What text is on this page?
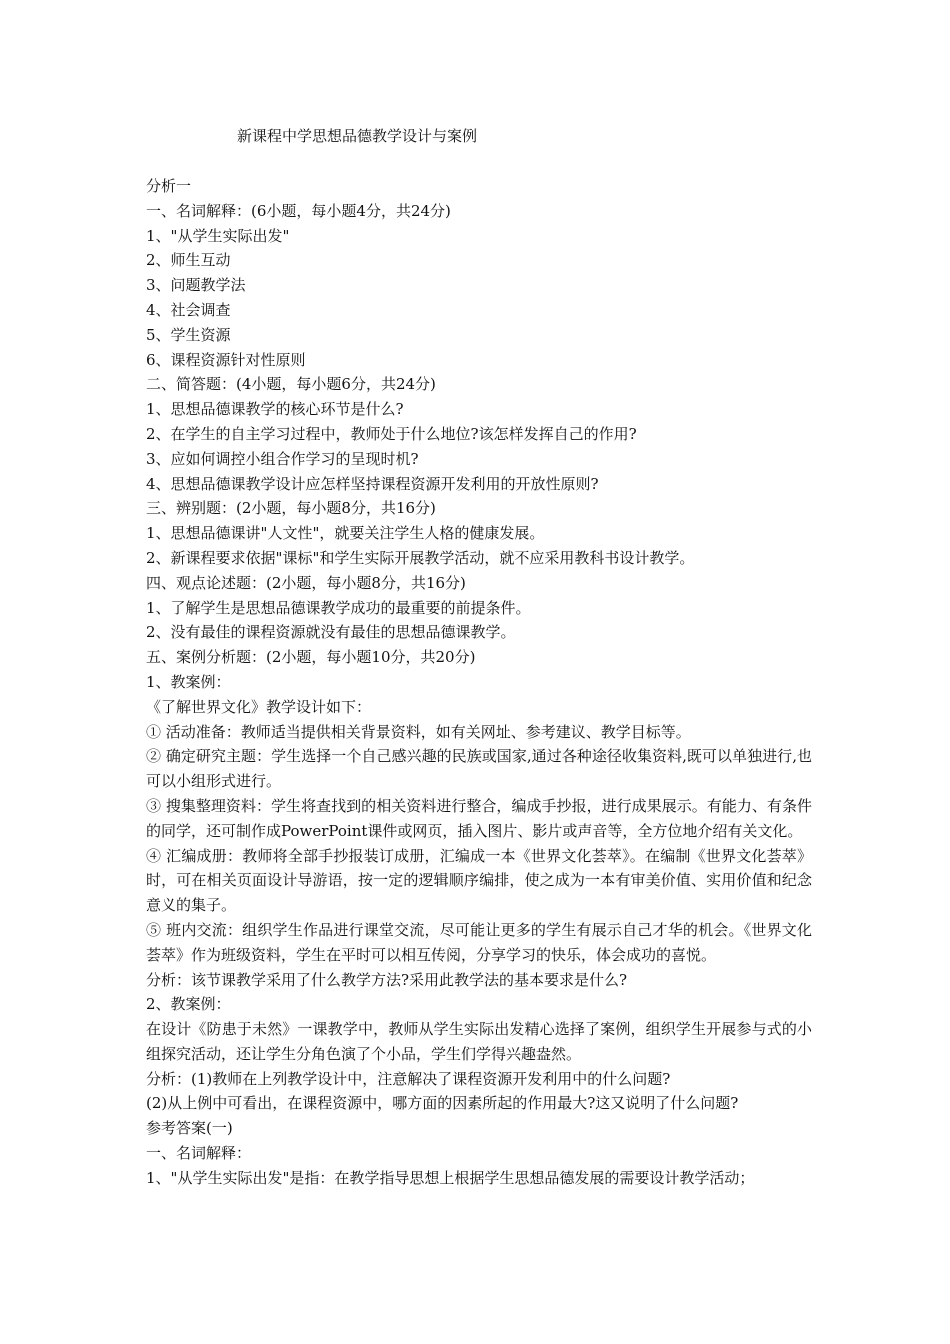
新课程中学思想品德教学设计与案例

分析一

一、名词解释：(6小题，每小题4分，共24分)

1、"从学生实际出发"

2、师生互动

3、问题教学法

4、社会调查

5、学生资源

6、课程资源针对性原则

二、简答题：(4小题，每小题6分，共24分)

1、思想品德课教学的核心环节是什么?

2、在学生的自主学习过程中，教师处于什么地位?该怎样发挥自己的作用?

3、应如何调控小组合作学习的呈现时机?

4、思想品德课教学设计应怎样坚持课程资源开发利用的开放性原则?

三、辨别题：(2小题，每小题8分，共16分)

1、思想品德课讲"人文性"，就要关注学生人格的健康发展。

2、新课程要求依据"课标"和学生实际开展教学活动，就不应采用教科书设计教学。

四、观点论述题：(2小题，每小题8分，共16分)

1、了解学生是思想品德课教学成功的最重要的前提条件。

2、没有最佳的课程资源就没有最佳的思想品德课教学。

五、案例分析题：(2小题，每小题10分，共20分)

1、教案例：

《了解世界文化》教学设计如下：

① 活动准备：教师适当提供相关背景资料，如有关网址、参考建议、教学目标等。

② 确定研究主题：学生选择一个自己感兴趣的民族或国家,通过各种途径收集资料,既可以单独进行,也可以小组形式进行。

③ 搜集整理资料：学生将查找到的相关资料进行整合，编成手抄报，进行成果展示。有能力、有条件的同学，还可制作成PowerPoint课件或网页，插入图片、影片或声音等，全方位地介绍有关文化。

④ 汇编成册：教师将全部手抄报装订成册，汇编成一本《世界文化荟萃》。在编制《世界文化荟萃》时，可在相关页面设计导游语，按一定的逻辑顺序编排，使之成为一本有审美价值、实用价值和纪念意义的集子。

⑤ 班内交流：组织学生作品进行课堂交流，尽可能让更多的学生有展示自己才华的机会。《世界文化荟萃》作为班级资料，学生在平时可以相互传阅，分享学习的快乐，体会成功的喜悦。

分析：该节课教学采用了什么教学方法?采用此教学法的基本要求是什么?

2、教案例：

在设计《防患于未然》一课教学中，教师从学生实际出发精心选择了案例，组织学生开展参与式的小组探究活动，还让学生分角色演了个小品，学生们学得兴趣盎然。

分析：(1)教师在上列教学设计中，注意解决了课程资源开发利用中的什么问题?

(2)从上例中可看出，在课程资源中，哪方面的因素所起的作用最大?这又说明了什么问题?

参考答案(一)

一、名词解释：

1、"从学生实际出发"是指：在教学指导思想上根据学生思想品德发展的需要设计教学活动；
